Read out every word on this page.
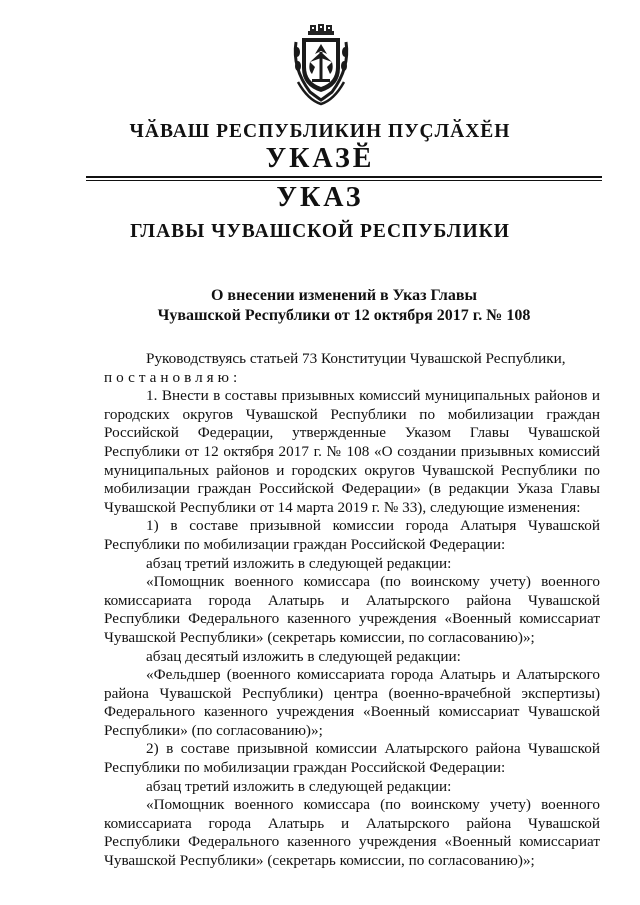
ЧӐВАШ РЕСПУБЛИКИН ПУҪЛӐХӖН
УКАЗӖ
УКАЗ
ГЛАВЫ ЧУВАШСКОЙ РЕСПУБЛИКИ
О внесении изменений в Указ Главы
Чувашской Республики от 12 октября 2017 г. № 108

Руководствуясь статьей 73 Конституции Чувашской Республики,

постановляю:

1. Внести в составы призывных комиссий муниципальных районов и городских округов Чувашской Республики по мобилизации граждан Российской Федерации, утвержденные Указом Главы Чувашской Республики от 12 октября 2017 г. № 108 «О создании призывных комиссий муниципальных районов и городских округов Чувашской Республики по мобилизации граждан Российской Федерации» (в редакции Указа Главы Чувашской Республики от 14 марта 2019 г. № 33), следующие изменения:

1) в составе призывной комиссии города Алатыря Чувашской Республики по мобилизации граждан Российской Федерации:

абзац третий изложить в следующей редакции:

«Помощник военного комиссара (по воинскому учету) военного комиссариата города Алатырь и Алатырского района Чувашской Республики Федерального казенного учреждения «Военный комиссариат Чувашской Республики» (секретарь комиссии, по согласованию)»;

абзац десятый изложить в следующей редакции:

«Фельдшер (военного комиссариата города Алатырь и Алатырского района Чувашской Республики) центра (военно-врачебной экспертизы) Федерального казенного учреждения «Военный комиссариат Чувашской Республики» (по согласованию)»;

2) в составе призывной комиссии Алатырского района Чувашской Республики по мобилизации граждан Российской Федерации:

абзац третий изложить в следующей редакции:

«Помощник военного комиссара (по воинскому учету) военного комиссариата города Алатырь и Алатырского района Чувашской Республики Федерального казенного учреждения «Военный комиссариат Чувашской Республики» (секретарь комиссии, по согласованию)»;
